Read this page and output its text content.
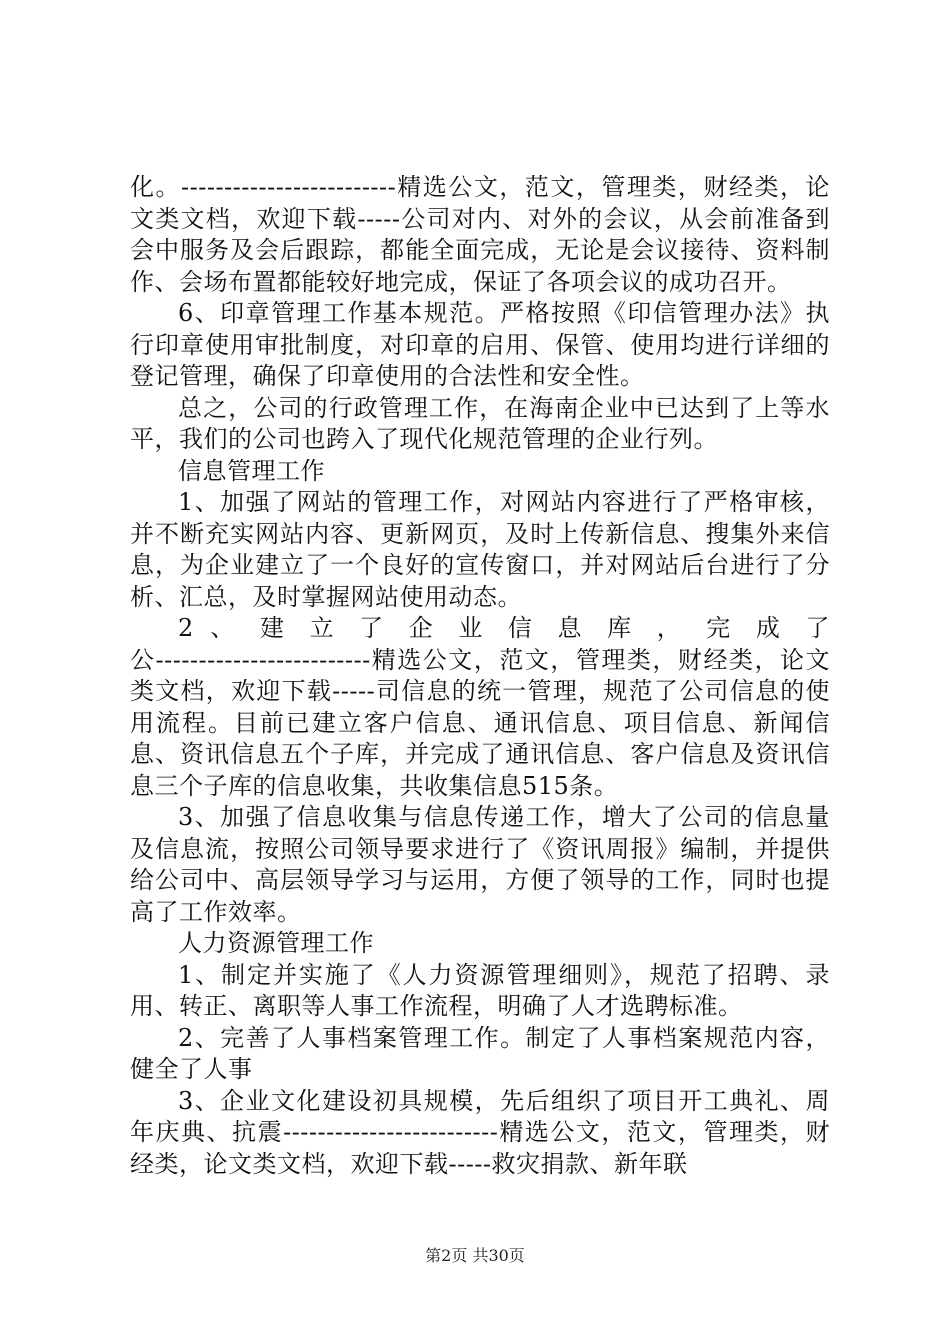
化。-------------------------精选公文，范文，管理类，财经类，论文类文档，欢迎下载-----公司对内、对外的会议，从会前准备到会中服务及会后跟踪，都能全面完成，无论是会议接待、资料制作、会场布置都能较好地完成，保证了各项会议的成功召开。

6、印章管理工作基本规范。严格按照《印信管理办法》执行印章使用审批制度，对印章的启用、保管、使用均进行详细的登记管理，确保了印章使用的合法性和安全性。

总之，公司的行政管理工作，在海南企业中已达到了上等水平，我们的公司也跨入了现代化规范管理的企业行列。

信息管理工作

1、加强了网站的管理工作，对网站内容进行了严格审核，并不断充实网站内容、更新网页，及时上传新信息、搜集外来信息，为企业建立了一个良好的宣传窗口，并对网站后台进行了分析、汇总，及时掌握网站使用动态。

2 、 建 立 了 企 业 信 息 库 ， 完 成 了

公-------------------------精选公文，范文，管理类，财经类，论文类文档，欢迎下载-----司信息的统一管理，规范了公司信息的使用流程。目前已建立客户信息、通讯信息、项目信息、新闻信息、资讯信息五个子库，并完成了通讯信息、客户信息及资讯信息三个子库的信息收集，共收集信息515条。

3、加强了信息收集与信息传递工作，增大了公司的信息量及信息流，按照公司领导要求进行了《资讯周报》编制，并提供给公司中、高层领导学习与运用，方便了领导的工作，同时也提高了工作效率。

人力资源管理工作

1、制定并实施了《人力资源管理细则》，规范了招聘、录用、转正、离职等人事工作流程，明确了人才选聘标准。

2、完善了人事档案管理工作。制定了人事档案规范内容，健全了人事

3、企业文化建设初具规模，先后组织了项目开工典礼、周年庆典、抗震-------------------------精选公文，范文，管理类，财经类，论文类文档，欢迎下载-----救灾捐款、新年联

第2页 共30页
